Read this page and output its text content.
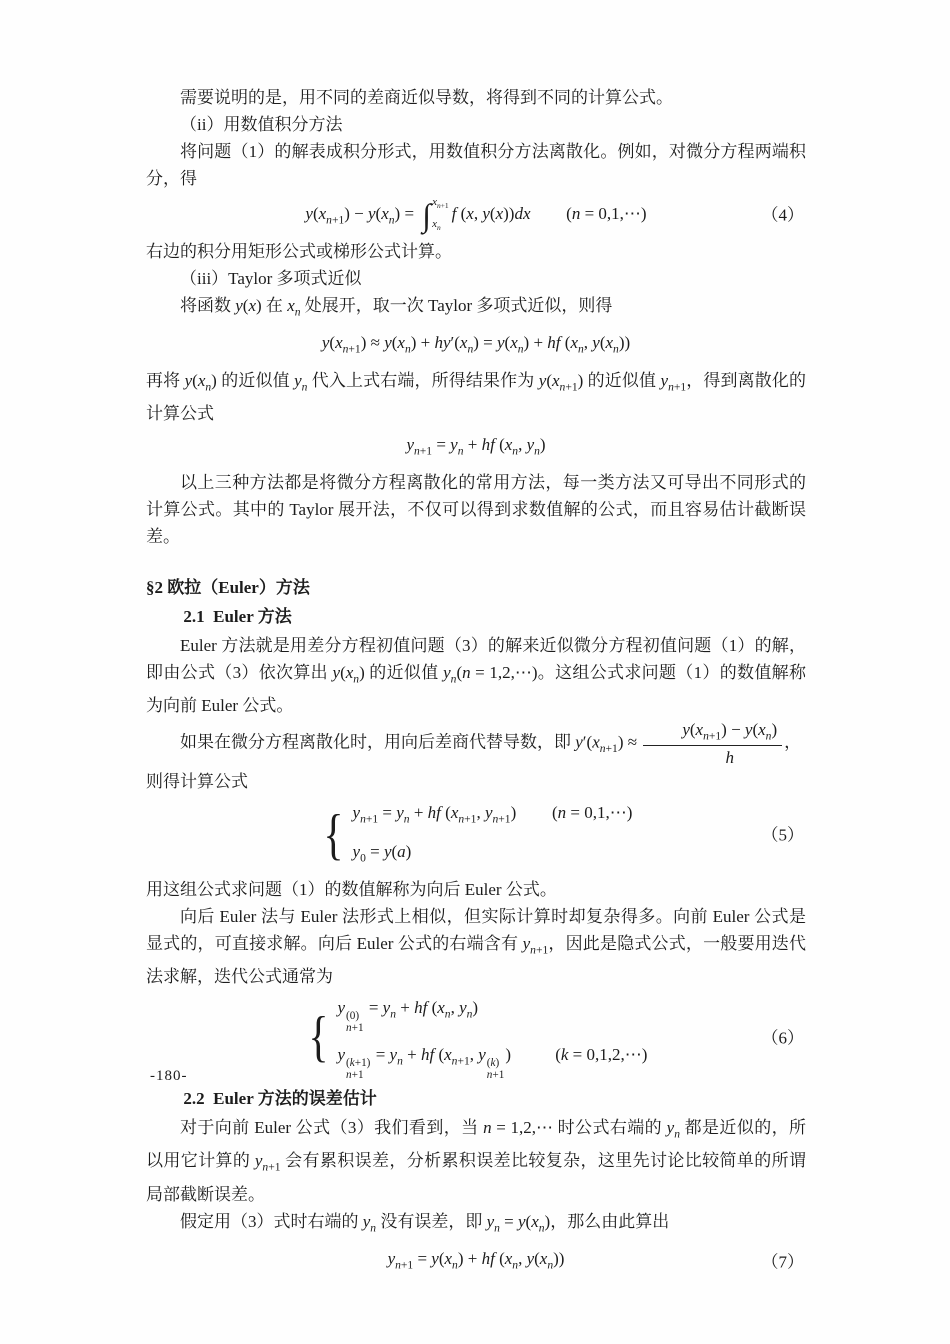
需要说明的是，用不同的差商近似导数，将得到不同的计算公式。

（ii）用数值积分方法

将问题（1）的解表成积分形式，用数值积分方法离散化。例如，对微分方程两端积分，得

$y(x_{n+1}) - y(x_n)$ = ∫ $x_{n+1}$
$x_n$
f (x, y(x))dx (n = 0,1,⋯)	（4）

右边的积分用矩形公式或梯形公式计算。

（iii）Taylor 多项式近似

将函数 y(x) 在 $x_n$ 处展开，取一次 Taylor 多项式近似，则得

$y(x_{n+1}) \approx y(x_n) + hy'(x_n) = y(x_n)$ + hf ($x_n$, $y(x_n)$)

再将 $y(x_n)$ 的近似值 $y_n$ 代入上式右端，所得结果作为 $y(x_{n+1})$ 的近似值 $y_{n+1}$，得到离散化的计算公式

$y_{n+1} = y_n$ + hf ($x_n$, $y_n$)

以上三种方法都是将微分方程离散化的常用方法，每一类方法又可导出不同形式的计算公式。其中的 Taylor 展开法，不仅可以得到求数值解的公式，而且容易估计截断误差。

§2 欧拉（Euler）方法
2.1  Euler 方法

Euler 方法就是用差分方程初值问题（3）的解来近似微分方程初值问题（1）的解，即由公式（3）依次算出 $y(x_n)$ 的近似值 $y_n(n$ = 1,2,⋯)。这组公式求问题（1）的数值解称为向前 Euler 公式。

如果在微分方程离散化时，用向后差商代替导数，即 $y'(x_{n+1}) \approx \frac{y(x_{n+1}) - y(x_n)}{h}$ ，
则得计算公式

{ $y_{n+1} = y_n$ + hf ($x_{n+1}$, $y_{n+1}$) (n = 0,1,⋯)
$y_0 = y(a)$
（5）

用这组公式求问题（1）的数值解称为向后 Euler 公式。

向后 Euler 法与 Euler 法形式上相似，但实际计算时却复杂得多。向前 Euler 公式是显式的，可直接求解。向后 Euler 公式的右端含有 $y_{n+1}$，因此是隐式公式，一般要用迭代法求解，迭代公式通常为

{ y (0)
n+1
= $y_n$ + hf ($x_n$, $y_n$)
y (k+1)
n+1
= $y_n$ + hf ($x_{n+1}$, y (k)
n+1
)	(k = 0,1,2,⋯)
（6）
2.2  Euler 方法的误差估计

对于向前 Euler 公式（3）我们看到，当 n = 1,2,⋯ 时公式右端的 $y_n$ 都是近似的，所以用它计算的 $y_{n+1}$ 会有累积误差，分析累积误差比较复杂，这里先讨论比较简单的所谓局部截断误差。

假定用（3）式时右端的 $y_n$ 没有误差，即 $y_n = y(x_n)$，那么由此算出

$y_{n+1} = y(x_n)$ + hf ($x_n$, $y(x_n)$)	（7）
-180-
